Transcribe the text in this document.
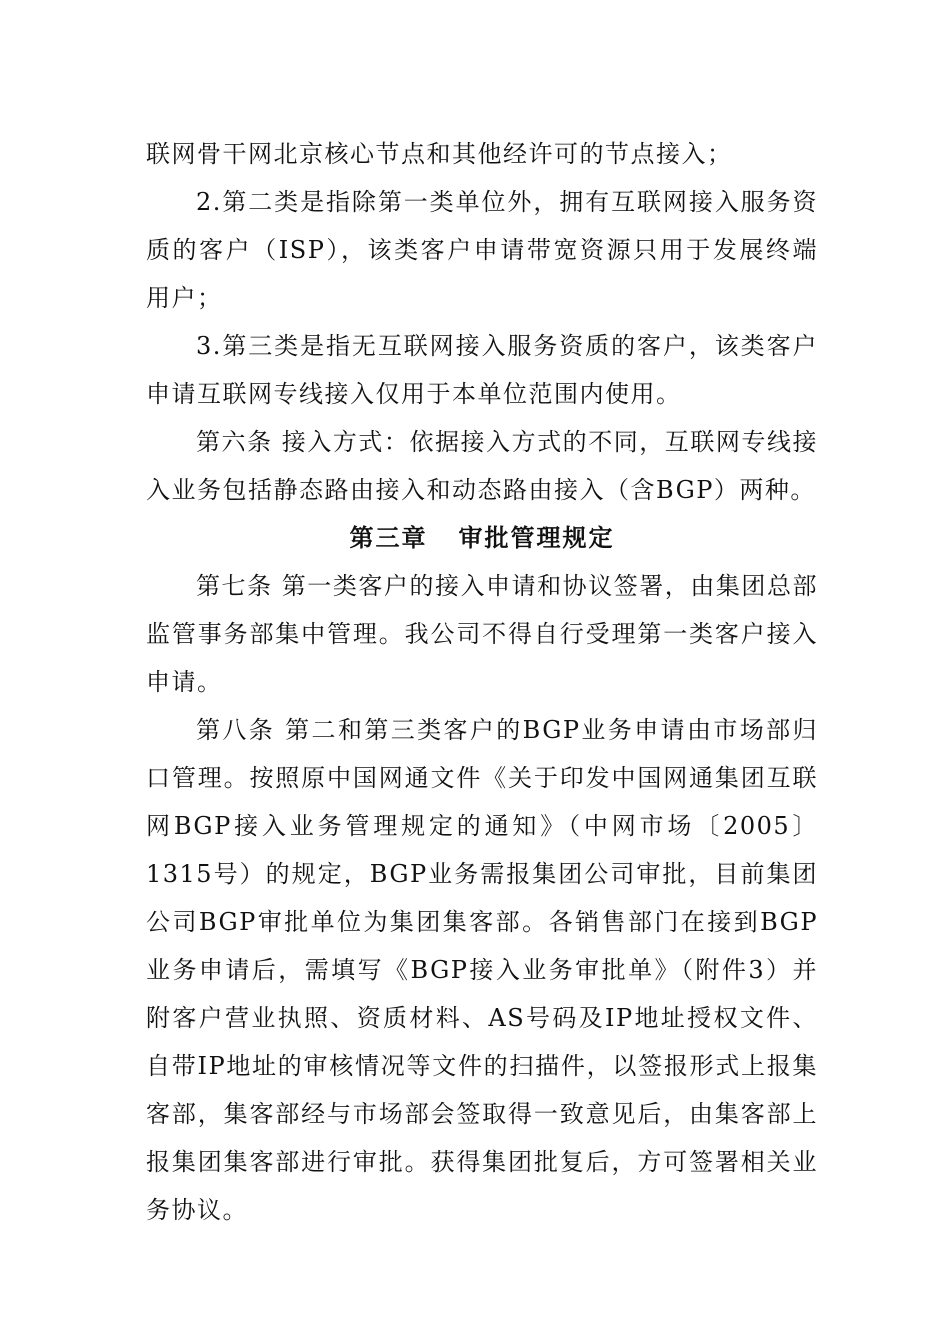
联网骨干网北京核心节点和其他经许可的节点接入；

2.第二类是指除第一类单位外，拥有互联网接入服务资质的客户（ISP），该类客户申请带宽资源只用于发展终端用户；

3.第三类是指无互联网接入服务资质的客户，该类客户申请互联网专线接入仅用于本单位范围内使用。

第六条 接入方式：依据接入方式的不同，互联网专线接入业务包括静态路由接入和动态路由接入（含BGP）两种。

第三章   审批管理规定

第七条 第一类客户的接入申请和协议签署，由集团总部监管事务部集中管理。我公司不得自行受理第一类客户接入申请。

第八条 第二和第三类客户的BGP业务申请由市场部归口管理。按照原中国网通文件《关于印发中国网通集团互联网BGP接入业务管理规定的通知》（中网市场〔2005〕1315号）的规定，BGP业务需报集团公司审批，目前集团公司BGP审批单位为集团集客部。各销售部门在接到BGP业务申请后，需填写《BGP接入业务审批单》（附件3）并附客户营业执照、资质材料、AS号码及IP地址授权文件、自带IP地址的审核情况等文件的扫描件，以签报形式上报集客部，集客部经与市场部会签取得一致意见后，由集客部上报集团集客部进行审批。获得集团批复后，方可签署相关业务协议。
